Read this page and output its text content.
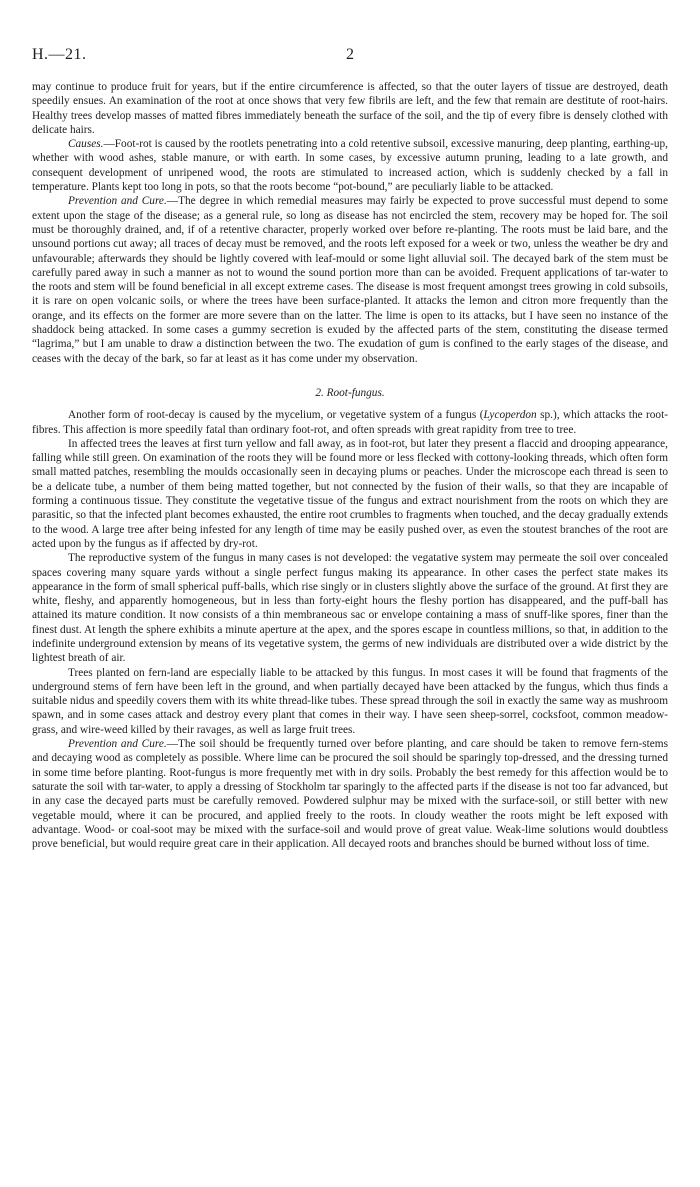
H.—21.	2

may continue to produce fruit for years, but if the entire circumference is affected, so that the outer layers of tissue are destroyed, death speedily ensues. An examination of the root at once shows that very few fibrils are left, and the few that remain are destitute of root-hairs. Healthy trees develop masses of matted fibres immediately beneath the surface of the soil, and the tip of every fibre is densely clothed with delicate hairs.

Causes.—Foot-rot is caused by the rootlets penetrating into a cold retentive subsoil, excessive manuring, deep planting, earthing-up, whether with wood ashes, stable manure, or with earth. In some cases, by excessive autumn pruning, leading to a late growth, and consequent development of unripened wood, the roots are stimulated to increased action, which is suddenly checked by a fall in temperature. Plants kept too long in pots, so that the roots become “pot-bound,” are peculiarly liable to be attacked.

Prevention and Cure.—The degree in which remedial measures may fairly be expected to prove successful must depend to some extent upon the stage of the disease; as a general rule, so long as disease has not encircled the stem, recovery may be hoped for. The soil must be thoroughly drained, and, if of a retentive character, properly worked over before re-planting. The roots must be laid bare, and the unsound portions cut away; all traces of decay must be removed, and the roots left exposed for a week or two, unless the weather be dry and unfavourable; afterwards they should be lightly covered with leaf-mould or some light alluvial soil. The decayed bark of the stem must be carefully pared away in such a manner as not to wound the sound portion more than can be avoided. Frequent applications of tar-water to the roots and stem will be found beneficial in all except extreme cases. The disease is most frequent amongst trees growing in cold subsoils, it is rare on open volcanic soils, or where the trees have been surface-planted. It attacks the lemon and citron more frequently than the orange, and its effects on the former are more severe than on the latter. The lime is open to its attacks, but I have seen no instance of the shaddock being attacked. In some cases a gummy secretion is exuded by the affected parts of the stem, constituting the disease termed “lagrima,” but I am unable to draw a distinction between the two. The exudation of gum is confined to the early stages of the disease, and ceases with the decay of the bark, so far at least as it has come under my observation.

2. Root-fungus.

Another form of root-decay is caused by the mycelium, or vegetative system of a fungus (Lycoperdon sp.), which attacks the root-fibres. This affection is more speedily fatal than ordinary foot-rot, and often spreads with great rapidity from tree to tree.

In affected trees the leaves at first turn yellow and fall away, as in foot-rot, but later they present a flaccid and drooping appearance, falling while still green. On examination of the roots they will be found more or less flecked with cottony-looking threads, which often form small matted patches, resembling the moulds occasionally seen in decaying plums or peaches. Under the microscope each thread is seen to be a delicate tube, a number of them being matted together, but not connected by the fusion of their walls, so that they are incapable of forming a continuous tissue. They constitute the vegetative tissue of the fungus and extract nourishment from the roots on which they are parasitic, so that the infected plant becomes exhausted, the entire root crumbles to fragments when touched, and the decay gradually extends to the wood. A large tree after being infested for any length of time may be easily pushed over, as even the stoutest branches of the root are acted upon by the fungus as if affected by dry-rot.

The reproductive system of the fungus in many cases is not developed: the vegatative system may permeate the soil over concealed spaces covering many square yards without a single perfect fungus making its appearance. In other cases the perfect state makes its appearance in the form of small spherical puff-balls, which rise singly or in clusters slightly above the surface of the ground. At first they are white, fleshy, and apparently homogeneous, but in less than forty-eight hours the fleshy portion has disappeared, and the puff-ball has attained its mature condition. It now consists of a thin membraneous sac or envelope containing a mass of snuff-like spores, finer than the finest dust. At length the sphere exhibits a minute aperture at the apex, and the spores escape in countless millions, so that, in addition to the indefinite underground extension by means of its vegetative system, the germs of new individuals are distributed over a wide district by the lightest breath of air.

Trees planted on fern-land are especially liable to be attacked by this fungus. In most cases it will be found that fragments of the underground stems of fern have been left in the ground, and when partially decayed have been attacked by the fungus, which thus finds a suitable nidus and speedily covers them with its white thread-like tubes. These spread through the soil in exactly the same way as mushroom spawn, and in some cases attack and destroy every plant that comes in their way. I have seen sheep-sorrel, cocksfoot, common meadow-grass, and wire-weed killed by their ravages, as well as large fruit trees.

Prevention and Cure.—The soil should be frequently turned over before planting, and care should be taken to remove fern-stems and decaying wood as completely as possible. Where lime can be procured the soil should be sparingly top-dressed, and the dressing turned in some time before planting. Root-fungus is more frequently met with in dry soils. Probably the best remedy for this affection would be to saturate the soil with tar-water, to apply a dressing of Stockholm tar sparingly to the affected parts if the disease is not too far advanced, but in any case the decayed parts must be carefully removed. Powdered sulphur may be mixed with the surface-soil, or still better with new vegetable mould, where it can be procured, and applied freely to the roots. In cloudy weather the roots might be left exposed with advantage. Wood- or coal-soot may be mixed with the surface-soil and would prove of great value. Weak-lime solutions would doubtless prove beneficial, but would require great care in their application. All decayed roots and branches should be burned without loss of time.
